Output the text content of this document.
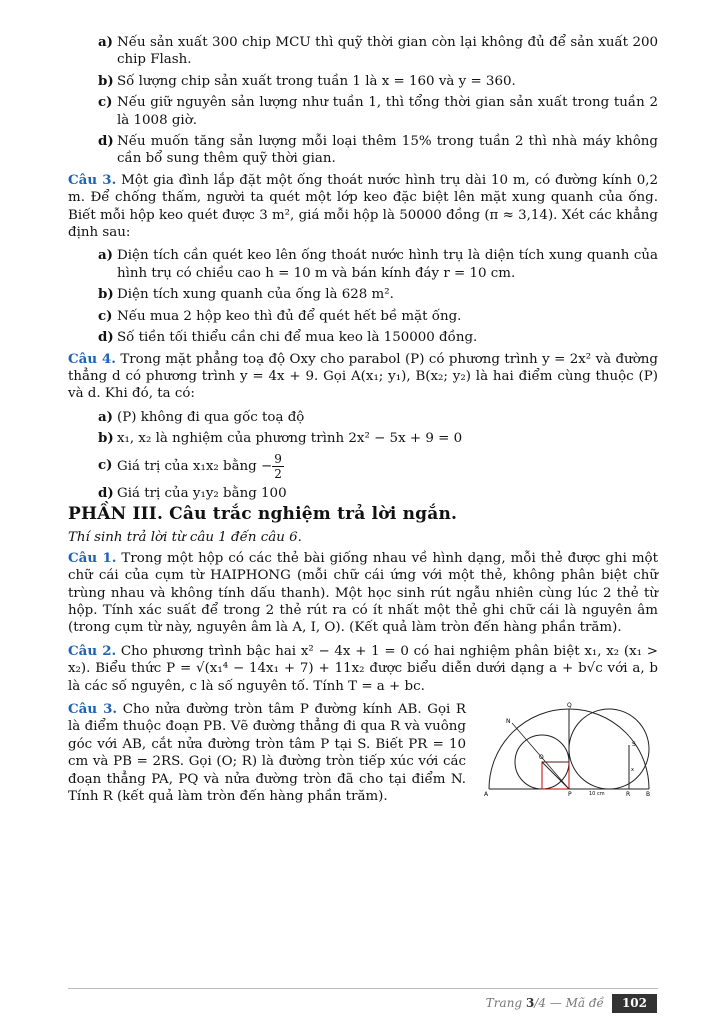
a) Nếu sản xuất 300 chip MCU thì quỹ thời gian còn lại không đủ để sản xuất 200 chip Flash.
b) Số lượng chip sản xuất trong tuần 1 là x = 160 và y = 360.
c) Nếu giữ nguyên sản lượng như tuần 1, thì tổng thời gian sản xuất trong tuần 2 là 1008 giờ.
d) Nếu muốn tăng sản lượng mỗi loại thêm 15% trong tuần 2 thì nhà máy không cần bổ sung thêm quỹ thời gian.
Câu 3. Một gia đình lắp đặt một ống thoát nước hình trụ dài 10 m, có đường kính 0,2 m. Để chống thấm, người ta quét một lớp keo đặc biệt lên mặt xung quanh của ống. Biết mỗi hộp keo quét được 3 m², giá mỗi hộp là 50000 đồng (π ≈ 3,14). Xét các khẳng định sau:
a) Diện tích cần quét keo lên ống thoát nước hình trụ là diện tích xung quanh của hình trụ có chiều cao h = 10 m và bán kính đáy r = 10 cm.
b) Diện tích xung quanh của ống là 628 m².
c) Nếu mua 2 hộp keo thì đủ để quét hết bề mặt ống.
d) Số tiền tối thiểu cần chi để mua keo là 150000 đồng.
Câu 4. Trong mặt phẳng toạ độ Oxy cho parabol (P) có phương trình y = 2x² và đường thẳng d có phương trình y = 4x + 9. Gọi A(x₁; y₁), B(x₂; y₂) là hai điểm cùng thuộc (P) và d. Khi đó, ta có:
a) (P) không đi qua gốc toạ độ
b) x₁, x₂ là nghiệm của phương trình 2x² − 5x + 9 = 0
c) Giá trị của x₁x₂ bằng − $\frac{9}{2}$
d) Giá trị của y₁y₂ bằng 100
PHẦN III. Câu trắc nghiệm trả lời ngắn.
Thí sinh trả lời từ câu 1 đến câu 6.
Câu 1. Trong một hộp có các thẻ bài giống nhau về hình dạng, mỗi thẻ được ghi một chữ cái của cụm từ HAIPHONG (mỗi chữ cái ứng với một thẻ, không phân biệt chữ trùng nhau và không tính dấu thanh). Một học sinh rút ngẫu nhiên cùng lúc 2 thẻ từ hộp. Tính xác suất để trong 2 thẻ rút ra có ít nhất một thẻ ghi chữ cái là nguyên âm (trong cụm từ này, nguyên âm là A, I, O). (Kết quả làm tròn đến hàng phần trăm).
Câu 2. Cho phương trình bậc hai x² − 4x + 1 = 0 có hai nghiệm phân biệt x₁, x₂ (x₁ > x₂). Biểu thức P = √(x₁⁴ − 14x₁ + 7) + 11x₂ được biểu diễn dưới dạng a + b√c với a, b là các số nguyên, c là số nguyên tố. Tính T = a + bc.
Câu 3. Cho nửa đường tròn tâm P đường kính AB. Gọi R là điểm thuộc đoạn PB. Vẽ đường thẳng đi qua R và vuông góc với AB, cắt nửa đường tròn tâm P tại S. Biết PR = 10 cm và PB = 2RS. Gọi (O; R) là đường tròn tiếp xúc với các đoạn thẳng PA, PQ và nửa đường tròn đã cho tại điểm N. Tính R (kết quả làm tròn đến hàng phần trăm).	A	P	R	B
Q
N
S
O
10 cm
x
Trang
3 /4 — Mã đề	102
